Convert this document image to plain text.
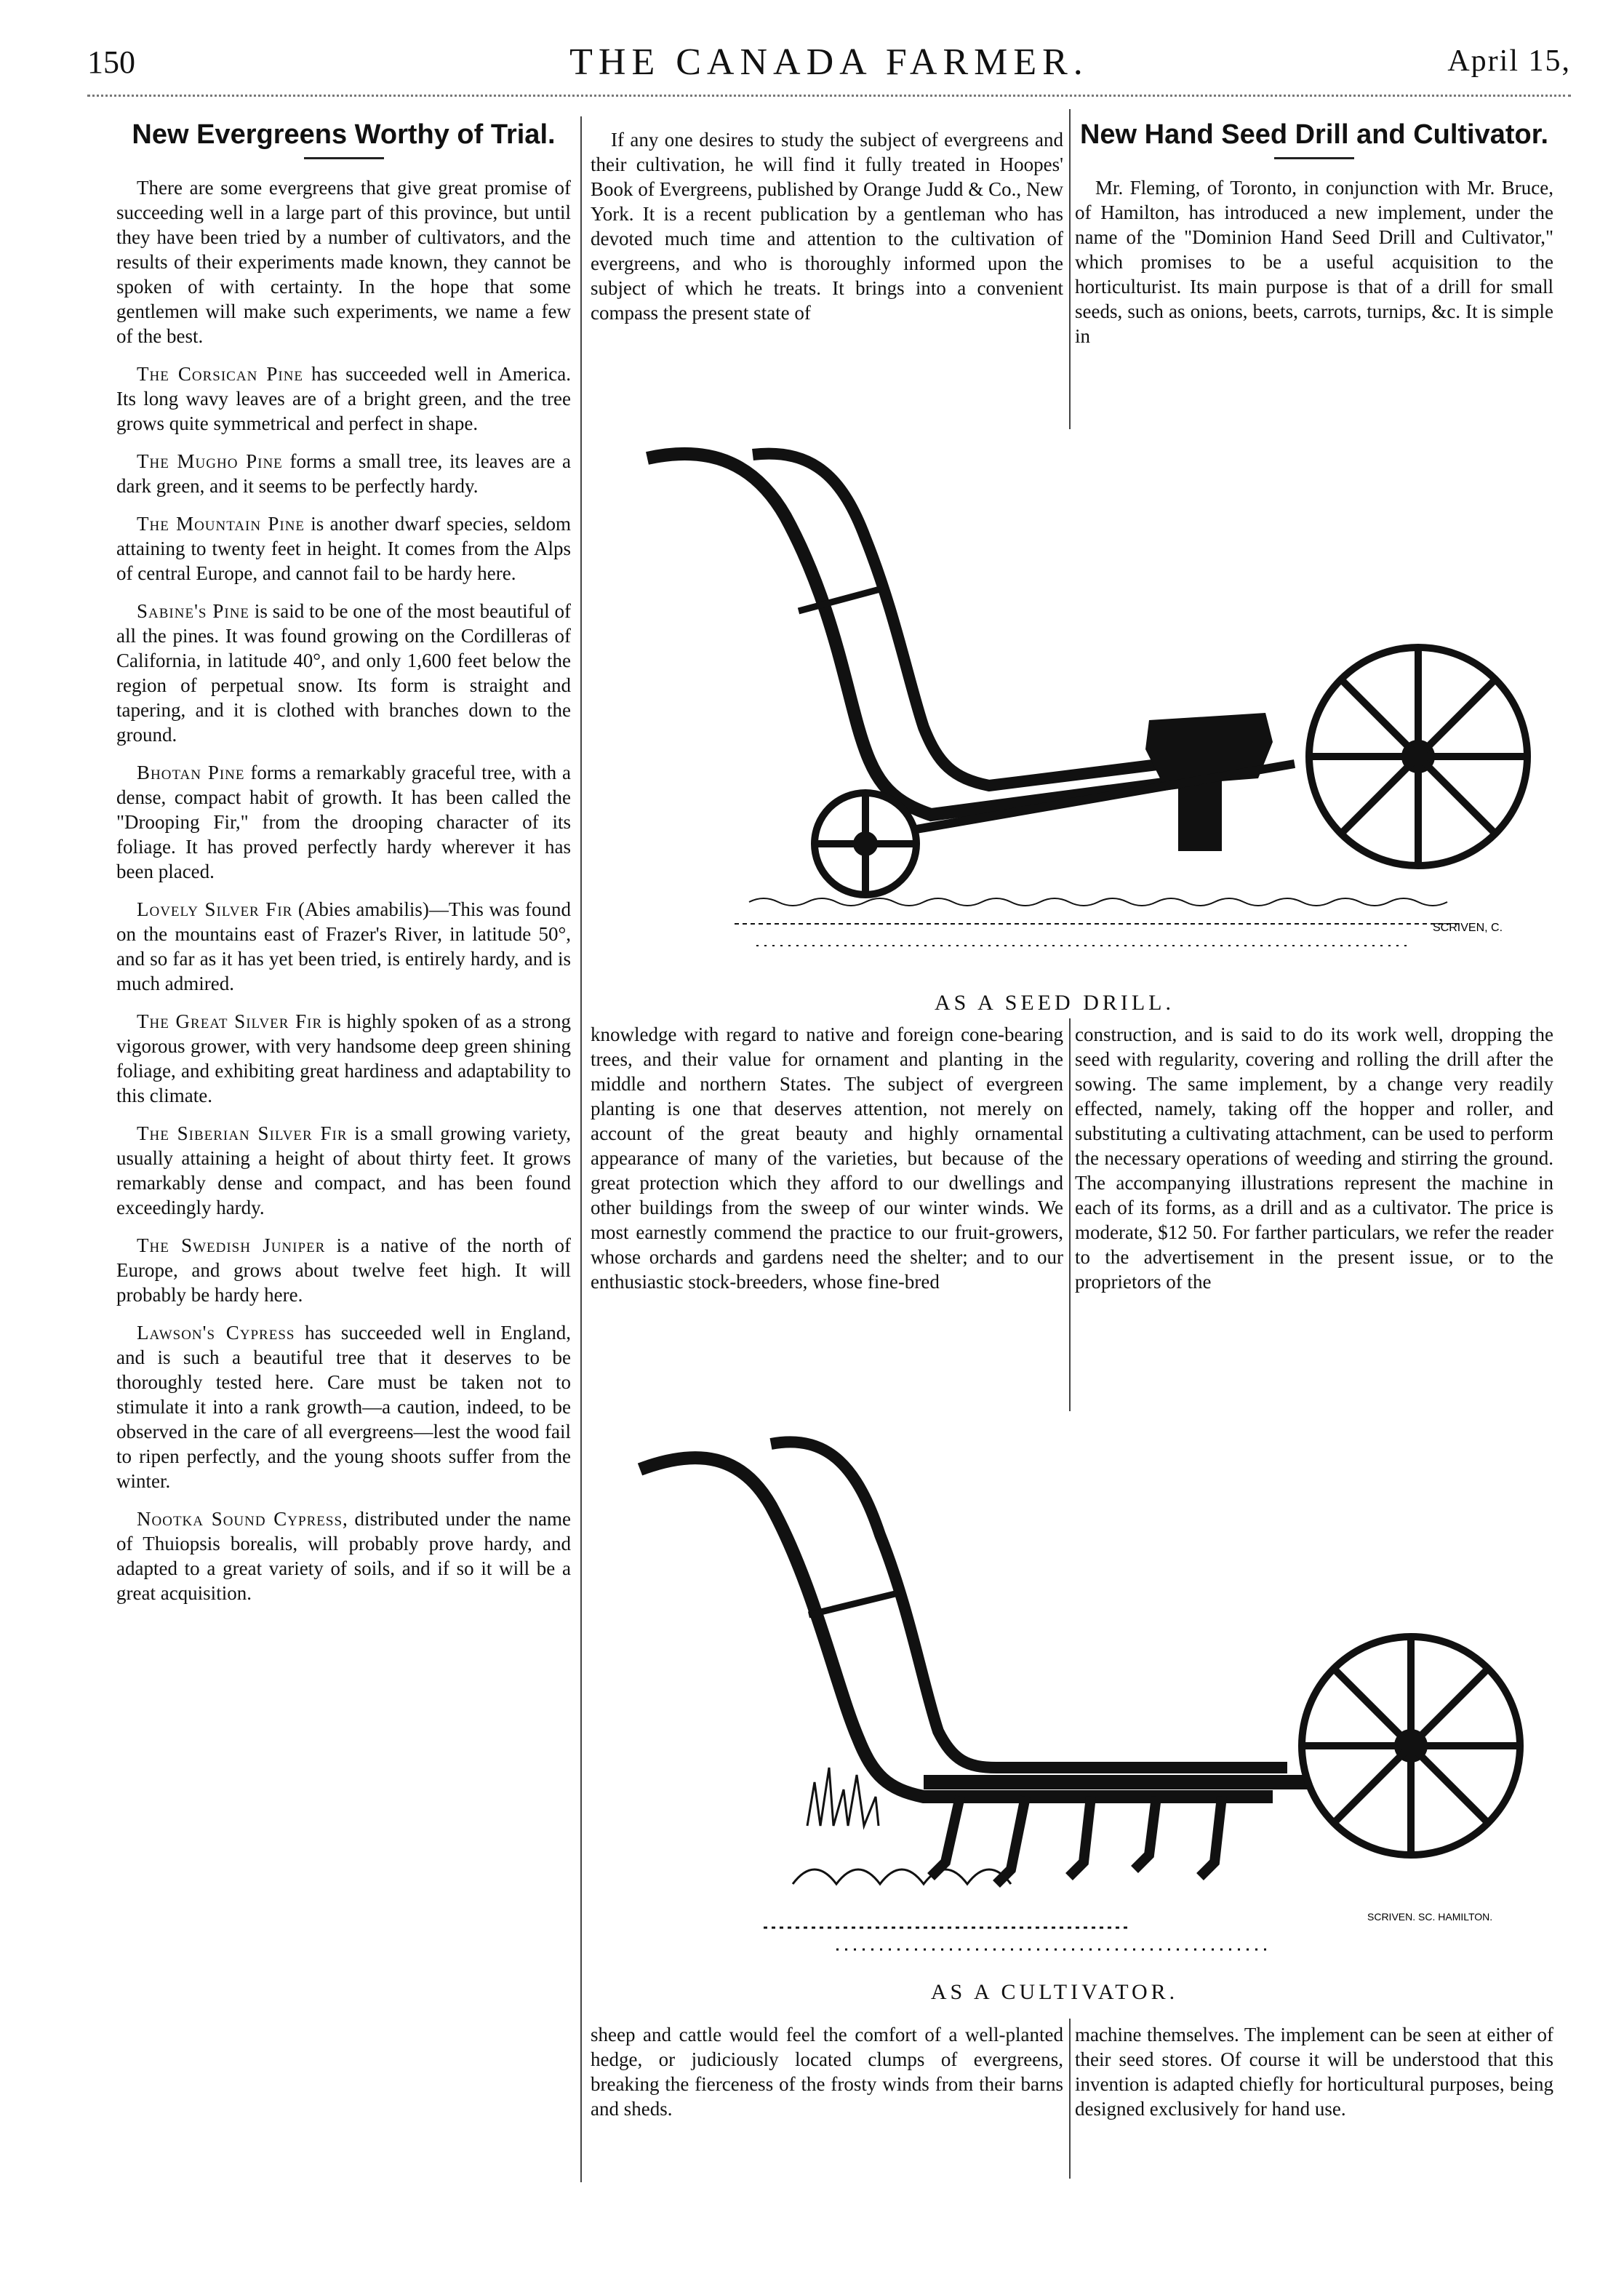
150	THE CANADA FARMER.	April 15,
New Evergreens Worthy of Trial.

There are some evergreens that give great promise of succeeding well in a large part of this province, but until they have been tried by a number of cultivators, and the results of their experiments made known, they cannot be spoken of with certainty. In the hope that some gentlemen will make such experiments, we name a few of the best.

The Corsican Pine has succeeded well in America. Its long wavy leaves are of a bright green, and the tree grows quite symmetrical and perfect in shape.

The Mugho Pine forms a small tree, its leaves are a dark green, and it seems to be perfectly hardy.

The Mountain Pine is another dwarf species, seldom attaining to twenty feet in height. It comes from the Alps of central Europe, and cannot fail to be hardy here.

Sabine's Pine is said to be one of the most beautiful of all the pines. It was found growing on the Cordilleras of California, in latitude 40°, and only 1,600 feet below the region of perpetual snow. Its form is straight and tapering, and it is clothed with branches down to the ground.

Bhotan Pine forms a remarkably graceful tree, with a dense, compact habit of growth. It has been called the "Drooping Fir," from the drooping character of its foliage. It has proved perfectly hardy wherever it has been placed.

Lovely Silver Fir (Abies amabilis)—This was found on the mountains east of Frazer's River, in latitude 50°, and so far as it has yet been tried, is entirely hardy, and is much admired.

The Great Silver Fir is highly spoken of as a strong vigorous grower, with very handsome deep green shining foliage, and exhibiting great hardiness and adaptability to this climate.

The Siberian Silver Fir is a small growing variety, usually attaining a height of about thirty feet. It grows remarkably dense and compact, and has been found exceedingly hardy.

The Swedish Juniper is a native of the north of Europe, and grows about twelve feet high. It will probably be hardy here.

Lawson's Cypress has succeeded well in England, and is such a beautiful tree that it deserves to be thoroughly tested here. Care must be taken not to stimulate it into a rank growth—a caution, indeed, to be observed in the care of all evergreens—lest the wood fail to ripen perfectly, and the young shoots suffer from the winter.

Nootka Sound Cypress, distributed under the name of Thuiopsis borealis, will probably prove hardy, and adapted to a great variety of soils, and if so it will be a great acquisition.

If any one desires to study the subject of evergreens and their cultivation, he will find it fully treated in Hoopes' Book of Evergreens, published by Orange Judd & Co., New York. It is a recent publication by a gentleman who has devoted much time and attention to the cultivation of evergreens, and who is thoroughly informed upon the subject of which he treats. It brings into a convenient compass the present state of

knowledge with regard to native and foreign cone-bearing trees, and their value for ornament and planting in the middle and northern States. The subject of evergreen planting is one that deserves attention, not merely on account of the great beauty and highly ornamental appearance of many of the varieties, but because of the great protection which they afford to our dwellings and other buildings from the sweep of our winter winds. We most earnestly commend the practice to our fruit-growers, whose orchards and gardens need the shelter; and to our enthusiastic stock-breeders, whose fine-bred

sheep and cattle would feel the comfort of a well-planted hedge, or judiciously located clumps of evergreens, breaking the fierceness of the frosty winds from their barns and sheds.

New Hand Seed Drill and Cultivator.

Mr. Fleming, of Toronto, in conjunction with Mr. Bruce, of Hamilton, has introduced a new implement, under the name of the "Dominion Hand Seed Drill and Cultivator," which promises to be a useful acquisition to the horticulturist. Its main purpose is that of a drill for small seeds, such as onions, beets, carrots, turnips, &c. It is simple in

construction, and is said to do its work well, dropping the seed with regularity, covering and rolling the drill after the sowing. The same implement, by a change very readily effected, namely, taking off the hopper and roller, and substituting a cultivating attachment, can be used to perform the necessary operations of weeding and stirring the ground. The accompanying illustrations represent the machine in each of its forms, as a drill and as a cultivator. The price is moderate, $12 50. For farther particulars, we refer the reader to the advertisement in the present issue, or to the proprietors of the

machine themselves. The implement can be seen at either of their seed stores. Of course it will be understood that this invention is adapted chiefly for horticultural purposes, being designed exclusively for hand use.

SCRIVEN, C.
AS A SEED DRILL.
SCRIVEN. SC. HAMILTON.
AS A CULTIVATOR.
